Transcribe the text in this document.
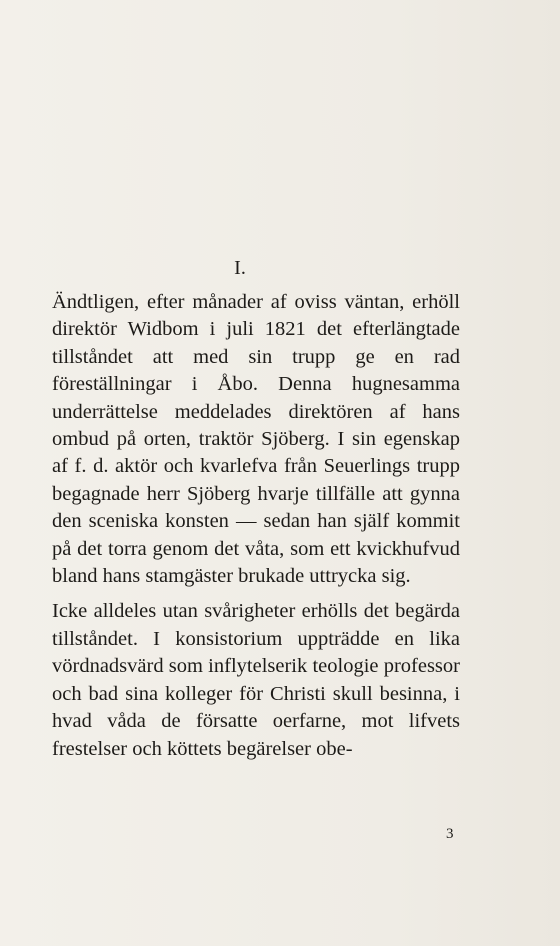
I.

Ändtligen, efter månader af oviss väntan, erhöll direktör Widbom i juli 1821 det efterlängtade tillståndet att med sin trupp ge en rad föreställningar i Åbo. Denna hugnesamma underrättelse meddelades direktören af hans ombud på orten, traktör Sjöberg. I sin egenskap af f. d. aktör och kvarlefva från Seuerlings trupp begagnade herr Sjöberg hvarje tillfälle att gynna den sceniska konsten — sedan han själf kommit på det torra genom det våta, som ett kvickhufvud bland hans stamgäster brukade uttrycka sig.

Icke alldeles utan svårigheter erhölls det begärda tillståndet. I konsistorium uppträdde en lika vördnadsvärd som inflytelserik teologie professor och bad sina kolleger för Christi skull besinna, i hvad våda de försatte oerfarne, mot lifvets frestelser och köttets begärelser obe-

3
